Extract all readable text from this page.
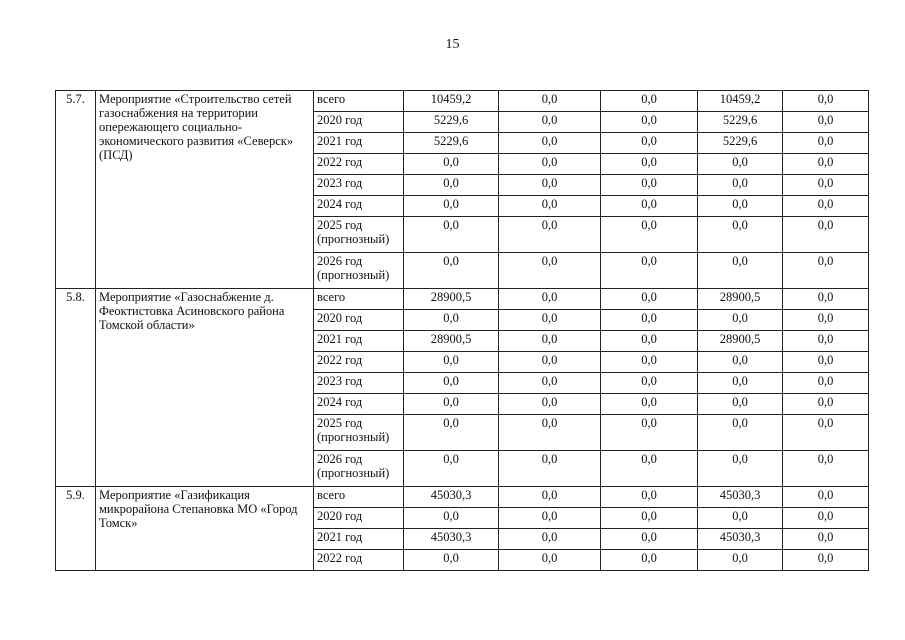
15
5.7.	Мероприятие «Строительство сетей газоснабжения на территории опережающего социально-экономического развития «Северск» (ПСД)	всего	10459,2	0,0	0,0	10459,2	0,0
		2020 год	5229,6	0,0	0,0	5229,6	0,0
		2021 год	5229,6	0,0	0,0	5229,6	0,0
		2022 год	0,0	0,0	0,0	0,0	0,0
		2023 год	0,0	0,0	0,0	0,0	0,0
		2024 год	0,0	0,0	0,0	0,0	0,0
		2025 год (прогнозный)	0,0	0,0	0,0	0,0	0,0
		2026 год (прогнозный)	0,0	0,0	0,0	0,0	0,0
5.8.	Мероприятие «Газоснабжение д. Феоктистовка Асиновского района Томской области»	всего	28900,5	0,0	0,0	28900,5	0,0
		2020 год	0,0	0,0	0,0	0,0	0,0
		2021 год	28900,5	0,0	0,0	28900,5	0,0
		2022 год	0,0	0,0	0,0	0,0	0,0
		2023 год	0,0	0,0	0,0	0,0	0,0
		2024 год	0,0	0,0	0,0	0,0	0,0
		2025 год (прогнозный)	0,0	0,0	0,0	0,0	0,0
		2026 год (прогнозный)	0,0	0,0	0,0	0,0	0,0
5.9.	Мероприятие «Газификация микрорайона Степановка МО «Город Томск»	всего	45030,3	0,0	0,0	45030,3	0,0
		2020 год	0,0	0,0	0,0	0,0	0,0
		2021 год	45030,3	0,0	0,0	45030,3	0,0
		2022 год	0,0	0,0	0,0	0,0	0,0
